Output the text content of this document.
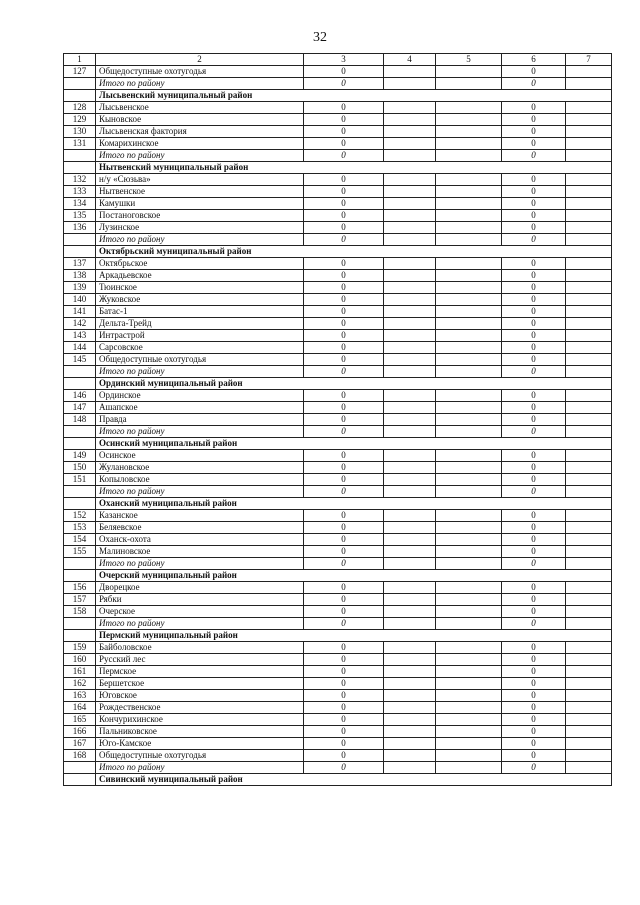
32
1	2	3	4	5	6	7
127	Общедоступные охотугодья	0			0	
	Итого по району	0			0	
	Лысьвенский муниципальный район					
128	Лысьвенское	0			0	
129	Кыновское	0			0	
130	Лысьвенская фактория	0			0	
131	Комарихинское	0			0	
	Итого по району	0			0	
	Нытвенский муниципальный район					
132	н/у «Сюзьва»	0			0	
133	Нытвенское	0			0	
134	Камушки	0			0	
135	Постаноговское	0			0	
136	Лузинское	0			0	
	Итого по району	0			0	
	Октябрьский муниципальный район					
137	Октябрьское	0			0	
138	Аркадьевское	0			0	
139	Тюинское	0			0	
140	Жуковское	0			0	
141	Батас-1	0			0	
142	Дельта-Трейд	0			0	
143	Интрастрой	0			0	
144	Сарсовское	0			0	
145	Общедоступные охотугодья	0			0	
	Итого по району	0			0	
	Ординский муниципальный район					
146	Ординское	0			0	
147	Ашапское	0			0	
148	Правда	0			0	
	Итого по району	0			0	
	Осинский муниципальный район					
149	Осинское	0			0	
150	Жулановское	0			0	
151	Копыловское	0			0	
	Итого по району	0			0	
	Оханский муниципальный район					
152	Казанское	0			0	
153	Беляевское	0			0	
154	Оханск-охота	0			0	
155	Малиновское	0			0	
	Итого по району	0			0	
	Очерский муниципальный район					
156	Дворецкое	0			0	
157	Рябки	0			0	
158	Очерское	0			0	
	Итого по району	0			0	
	Пермский муниципальный район					
159	Байболовское	0			0	
160	Русский лес	0			0	
161	Пермское	0			0	
162	Бершетское	0			0	
163	Юговское	0			0	
164	Рождественское	0			0	
165	Кончурихинское	0			0	
166	Пальниковское	0			0	
167	Юго-Камское	0			0	
168	Общедоступные охотугодья	0			0	
	Итого по району	0			0	
	Сивинский муниципальный район					
